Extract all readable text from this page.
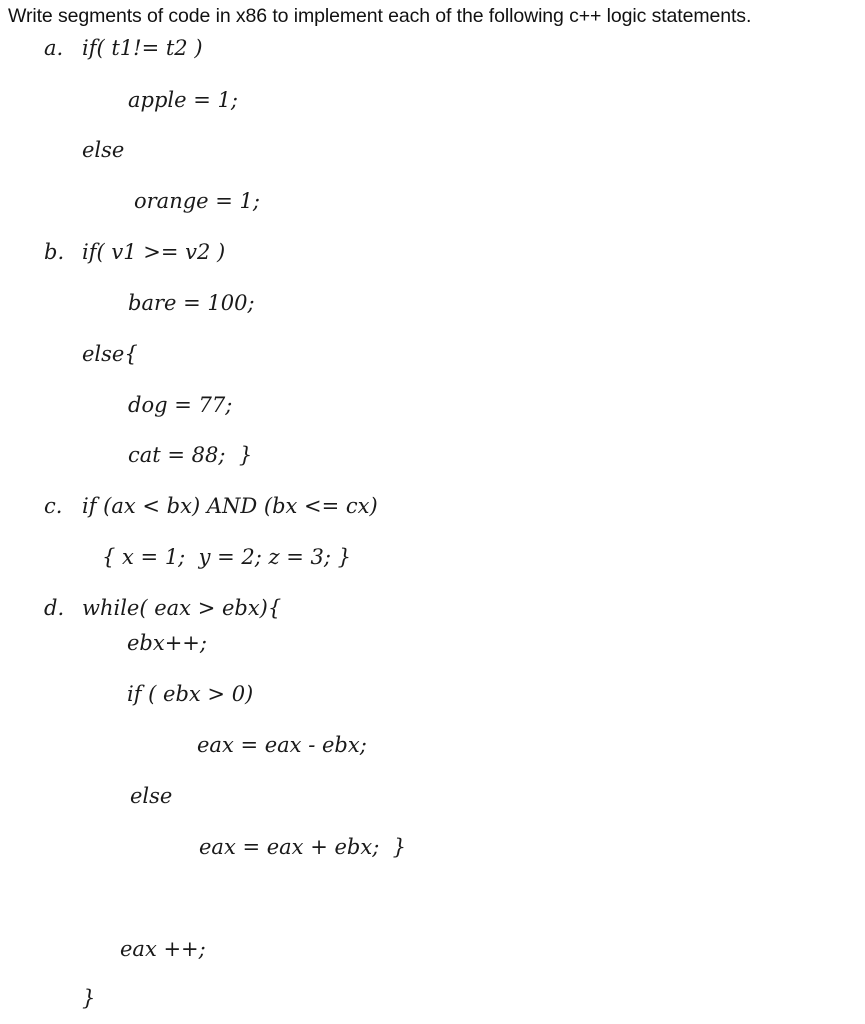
Write segments of code in x86 to implement each of the following c++ logic statements.
a. if( t1!= t2 )
apple = 1;
else
orange = 1;
b. if( v1 >= v2 )
bare = 100;
else{
dog = 77;
cat = 88;  }
c. if (ax < bx) AND (bx <= cx)
{ x = 1;  y = 2; z = 3; }
d. while( eax > ebx){
ebx++;
if ( ebx > 0)
eax = eax - ebx;
else
eax = eax + ebx;  }
eax ++;
}
